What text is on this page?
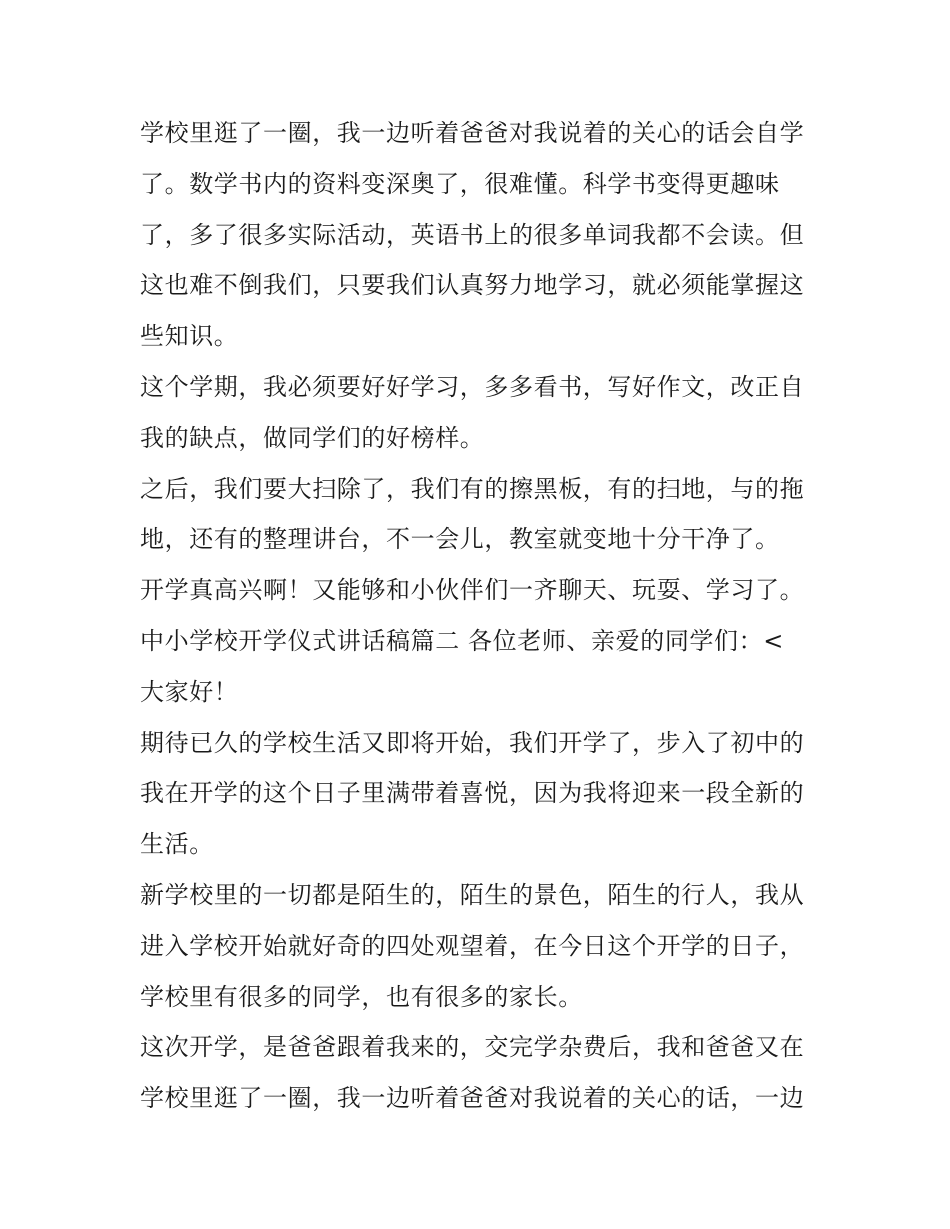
学校里逛了一圈，我一边听着爸爸对我说着的关心的话会自学

了。数学书内的资料变深奥了，很难懂。科学书变得更趣味

了，多了很多实际活动，英语书上的很多单词我都不会读。但

这也难不倒我们，只要我们认真努力地学习，就必须能掌握这

些知识。

这个学期，我必须要好好学习，多多看书，写好作文，改正自

我的缺点，做同学们的好榜样。

之后，我们要大扫除了，我们有的擦黑板，有的扫地，与的拖

地，还有的整理讲台，不一会儿，教室就变地十分干净了。

开学真高兴啊！又能够和小伙伴们一齐聊天、玩耍、学习了。

中小学校开学仪式讲话稿篇二 各位老师、亲爱的同学们：<

大家好！

期待已久的学校生活又即将开始，我们开学了，步入了初中的

我在开学的这个日子里满带着喜悦，因为我将迎来一段全新的

生活。

新学校里的一切都是陌生的，陌生的景色，陌生的行人，我从

进入学校开始就好奇的四处观望着，在今日这个开学的日子，

学校里有很多的同学，也有很多的家长。

这次开学，是爸爸跟着我来的，交完学杂费后，我和爸爸又在

学校里逛了一圈，我一边听着爸爸对我说着的关心的话，一边
